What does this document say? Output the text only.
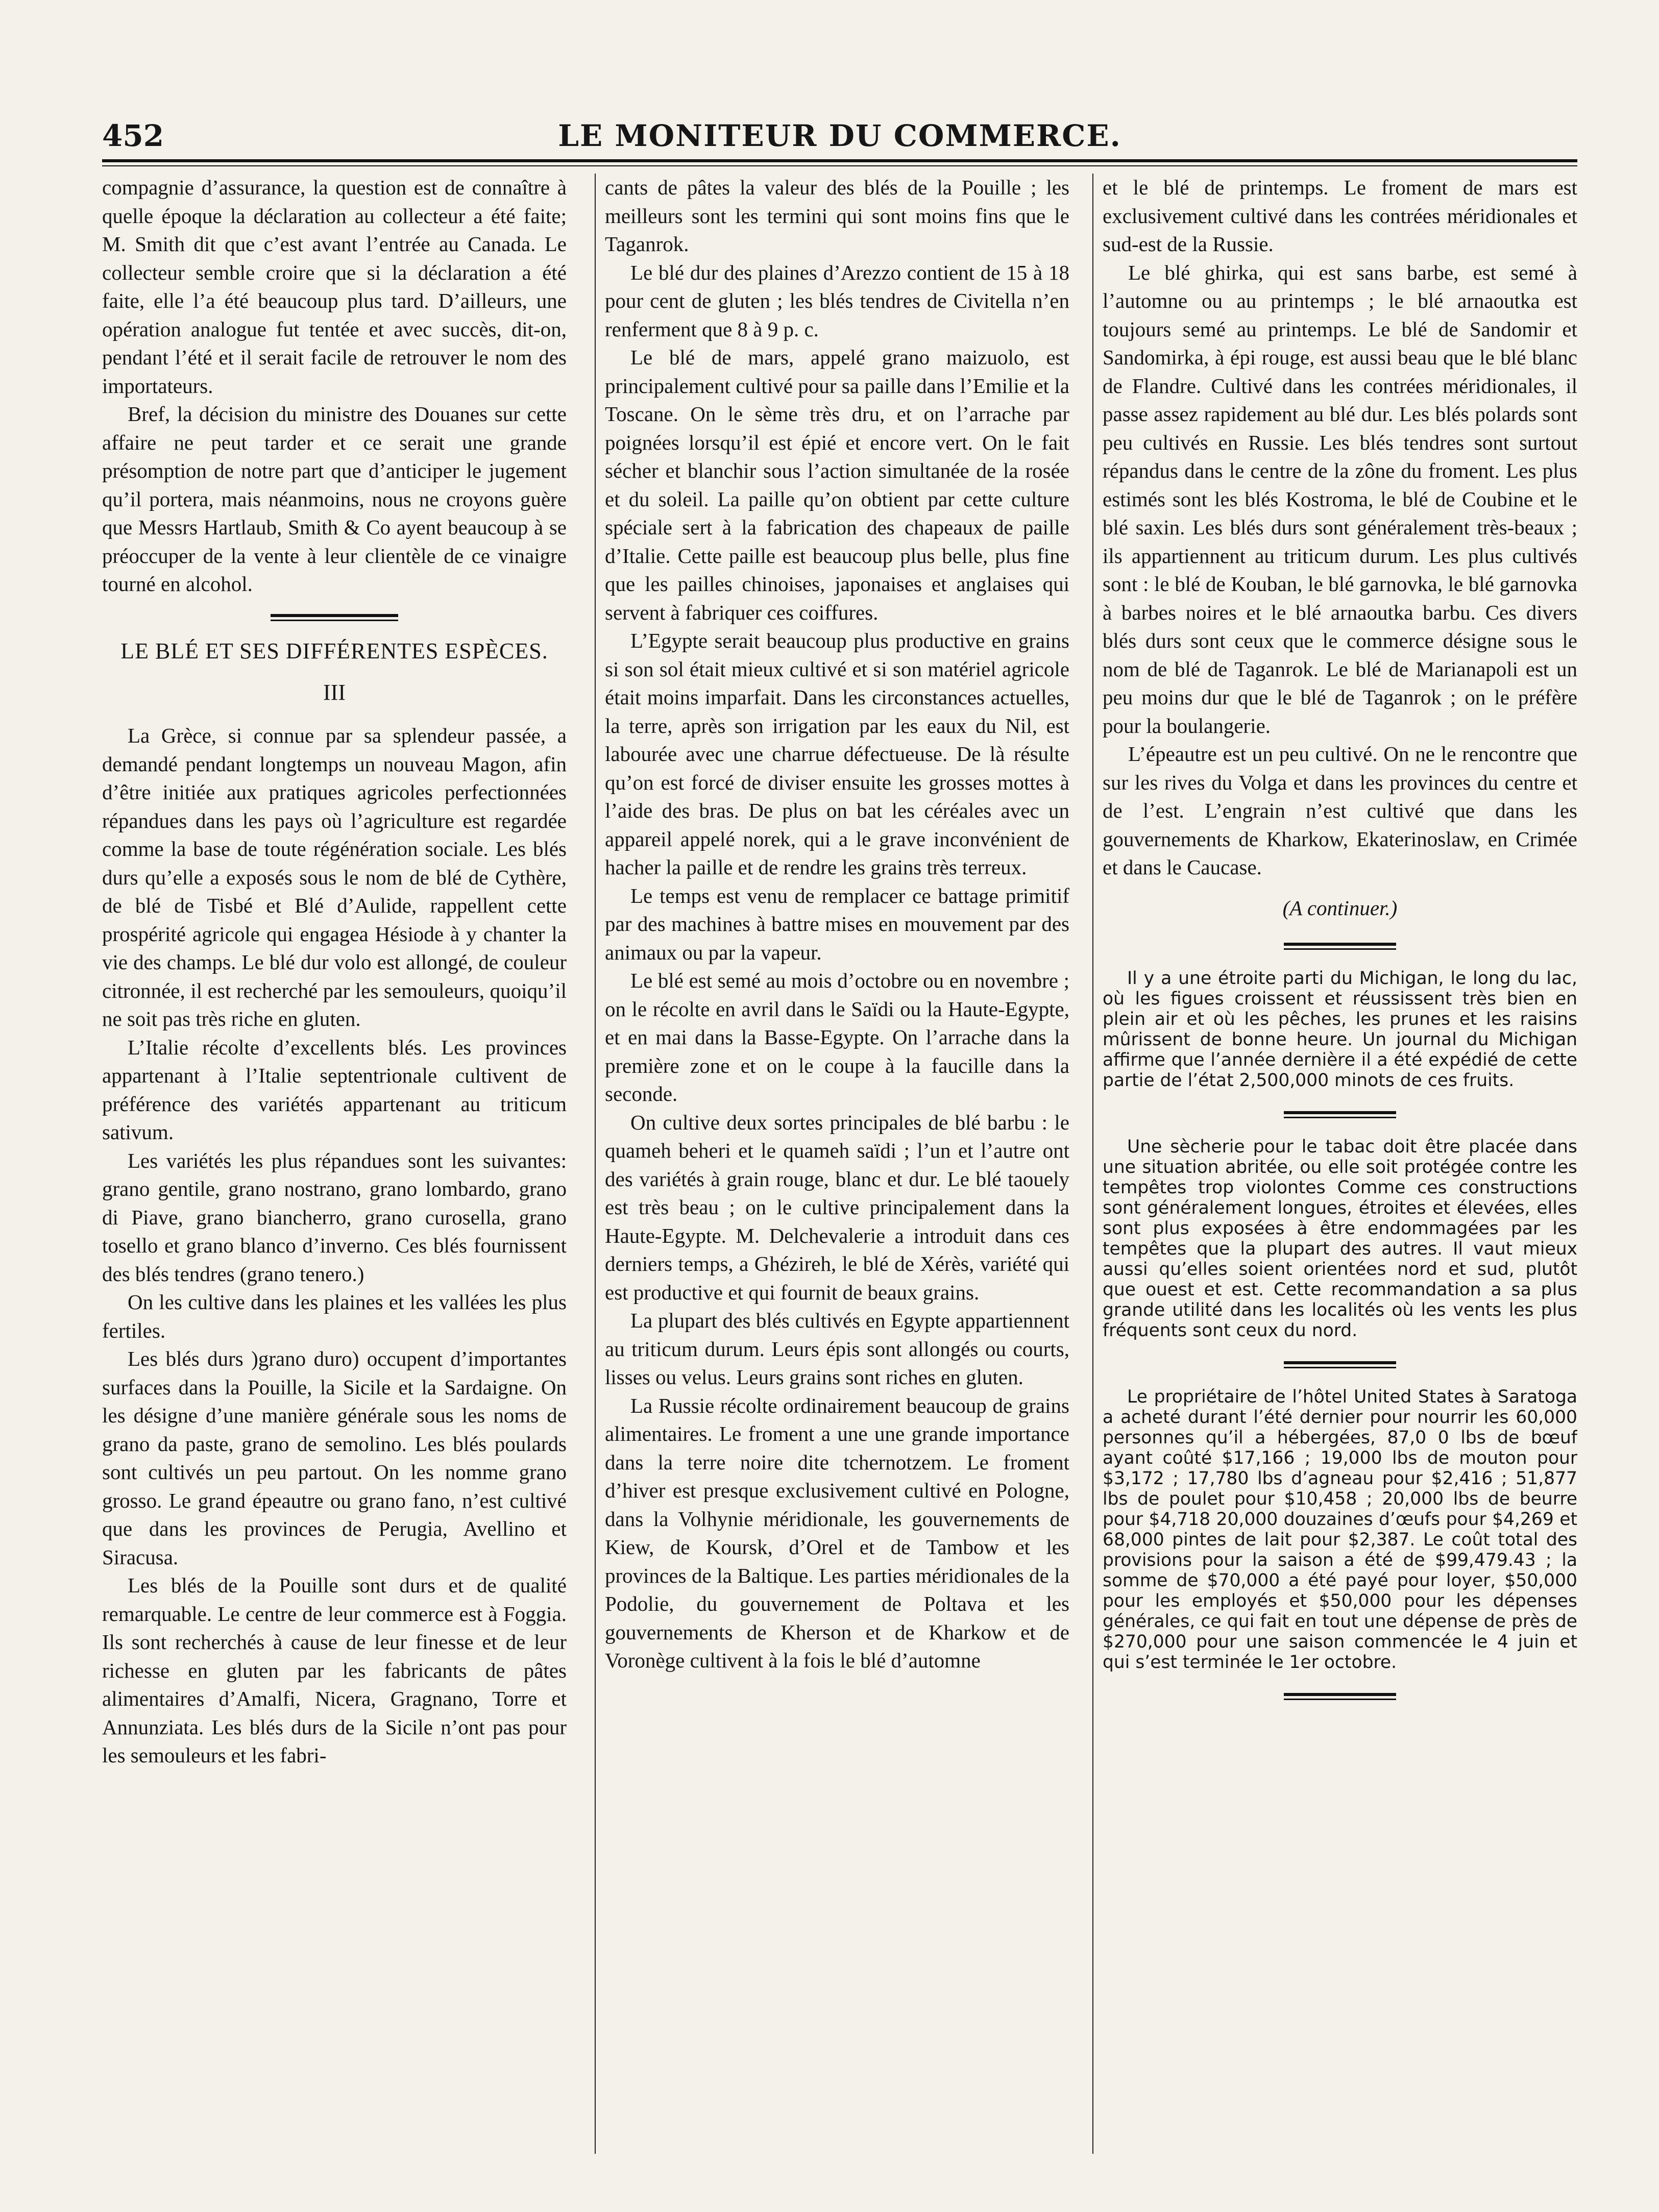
452	LE MONITEUR DU COMMERCE.

compagnie d’assurance, la question est de connaître à quelle époque la déclaration au collecteur a été faite; M. Smith dit que c’est avant l’entrée au Canada. Le collecteur semble croire que si la déclaration a été faite, elle l’a été beaucoup plus tard. D’ailleurs, une opération analogue fut tentée et avec succès, dit-on, pendant l’été et il serait facile de retrouver le nom des importateurs.

Bref, la décision du ministre des Douanes sur cette affaire ne peut tarder et ce serait une grande présomption de notre part que d’anticiper le jugement qu’il portera, mais néanmoins, nous ne croyons guère que Messrs Hartlaub, Smith & Co ayent beaucoup à se préoccuper de la vente à leur clientèle de ce vinaigre tourné en alcohol.

LE BLÉ ET SES DIFFÉRENTES ESPÈCES.

III

La Grèce, si connue par sa splendeur passée, a demandé pendant longtemps un nouveau Magon, afin d’être initiée aux pratiques agricoles perfectionnées répandues dans les pays où l’agriculture est regardée comme la base de toute régénération sociale. Les blés durs qu’elle a exposés sous le nom de blé de Cythère, de blé de Tisbé et Blé d’Aulide, rappellent cette prospérité agricole qui engagea Hésiode à y chanter la vie des champs. Le blé dur volo est allongé, de couleur citronnée, il est recherché par les semouleurs, quoiqu’il ne soit pas très riche en gluten.

L’Italie récolte d’excellents blés. Les provinces appartenant à l’Italie septentrionale cultivent de préférence des variétés appartenant au triticum sativum.

Les variétés les plus répandues sont les suivantes: grano gentile, grano nostrano, grano lombardo, grano di Piave, grano biancherro, grano curosella, grano tosello et grano blanco d’inverno. Ces blés fournissent des blés tendres (grano tenero.)

On les cultive dans les plaines et les vallées les plus fertiles.

Les blés durs )grano duro) occupent d’importantes surfaces dans la Pouille, la Sicile et la Sardaigne. On les désigne d’une manière générale sous les noms de grano da paste, grano de semolino. Les blés poulards sont cultivés un peu partout. On les nomme grano grosso. Le grand épeautre ou grano fano, n’est cultivé que dans les provinces de Perugia, Avellino et Siracusa.

Les blés de la Pouille sont durs et de qualité remarquable. Le centre de leur commerce est à Foggia. Ils sont recherchés à cause de leur finesse et de leur richesse en gluten par les fabricants de pâtes alimentaires d’Amalfi, Nicera, Gragnano, Torre et Annunziata. Les blés durs de la Sicile n’ont pas pour les semouleurs et les fabri-

cants de pâtes la valeur des blés de la Pouille ; les meilleurs sont les termini qui sont moins fins que le Taganrok.

Le blé dur des plaines d’Arezzo contient de 15 à 18 pour cent de gluten ; les blés tendres de Civitella n’en renferment que 8 à 9 p. c.

Le blé de mars, appelé grano maizuolo, est principalement cultivé pour sa paille dans l’Emilie et la Toscane. On le sème très dru, et on l’arrache par poignées lorsqu’il est épié et encore vert. On le fait sécher et blanchir sous l’action simultanée de la rosée et du soleil. La paille qu’on obtient par cette culture spéciale sert à la fabrication des chapeaux de paille d’Italie. Cette paille est beaucoup plus belle, plus fine que les pailles chinoises, japonaises et anglaises qui servent à fabriquer ces coiffures.

L’Egypte serait beaucoup plus productive en grains si son sol était mieux cultivé et si son matériel agricole était moins imparfait. Dans les circonstances actuelles, la terre, après son irrigation par les eaux du Nil, est labourée avec une charrue défectueuse. De là résulte qu’on est forcé de diviser ensuite les grosses mottes à l’aide des bras. De plus on bat les céréales avec un appareil appelé norek, qui a le grave inconvénient de hacher la paille et de rendre les grains très terreux.

Le temps est venu de remplacer ce battage primitif par des machines à battre mises en mouvement par des animaux ou par la vapeur.

Le blé est semé au mois d’octobre ou en novembre ; on le récolte en avril dans le Saïdi ou la Haute-Egypte, et en mai dans la Basse-Egypte. On l’arrache dans la première zone et on le coupe à la faucille dans la seconde.

On cultive deux sortes principales de blé barbu : le quameh beheri et le quameh saïdi ; l’un et l’autre ont des variétés à grain rouge, blanc et dur. Le blé taouely est très beau ; on le cultive principalement dans la Haute-Egypte. M. Delchevalerie a introduit dans ces derniers temps, a Ghézireh, le blé de Xérès, variété qui est productive et qui fournit de beaux grains.

La plupart des blés cultivés en Egypte appartiennent au triticum durum. Leurs épis sont allongés ou courts, lisses ou velus. Leurs grains sont riches en gluten.

La Russie récolte ordinairement beaucoup de grains alimentaires. Le froment a une une grande importance dans la terre noire dite tchernotzem. Le froment d’hiver est presque exclusivement cultivé en Pologne, dans la Volhynie méridionale, les gouvernements de Kiew, de Koursk, d’Orel et de Tambow et les provinces de la Baltique. Les parties méridionales de la Podolie, du gouvernement de Poltava et les gouvernements de Kherson et de Kharkow et de Voronège cultivent à la fois le blé d’automne

et le blé de printemps. Le froment de mars est exclusivement cultivé dans les contrées méridionales et sud-est de la Russie.

Le blé ghirka, qui est sans barbe, est semé à l’automne ou au printemps ; le blé arnaoutka est toujours semé au printemps. Le blé de Sandomir et Sandomirka, à épi rouge, est aussi beau que le blé blanc de Flandre. Cultivé dans les contrées méridionales, il passe assez rapidement au blé dur. Les blés polards sont peu cultivés en Russie. Les blés tendres sont surtout répandus dans le centre de la zône du froment. Les plus estimés sont les blés Kostroma, le blé de Coubine et le blé saxin. Les blés durs sont généralement très-beaux ; ils appartiennent au triticum durum. Les plus cultivés sont : le blé de Kouban, le blé garnovka, le blé garnovka à barbes noires et le blé arnaoutka barbu. Ces divers blés durs sont ceux que le commerce désigne sous le nom de blé de Taganrok. Le blé de Marianapoli est un peu moins dur que le blé de Taganrok ; on le préfère pour la boulangerie.

L’épeautre est un peu cultivé. On ne le rencontre que sur les rives du Volga et dans les provinces du centre et de l’est. L’engrain n’est cultivé que dans les gouvernements de Kharkow, Ekaterinoslaw, en Crimée et dans le Caucase.

(A continuer.)

Il y a une étroite parti du Michigan, le long du lac, où les figues croissent et réussissent très bien en plein air et où les pêches, les prunes et les raisins mûrissent de bonne heure. Un journal du Michigan affirme que l’année dernière il a été expédié de cette partie de l’état 2,500,000 minots de ces fruits.

Une sècherie pour le tabac doit être placée dans une situation abritée, ou elle soit protégée contre les tempêtes trop violontes Comme ces constructions sont généralement longues, étroites et élevées, elles sont plus exposées à être endommagées par les tempêtes que la plupart des autres. Il vaut mieux aussi qu’elles soient orientées nord et sud, plutôt que ouest et est. Cette recommandation a sa plus grande utilité dans les localités où les vents les plus fréquents sont ceux du nord.

Le propriétaire de l’hôtel United States à Saratoga a acheté durant l’été dernier pour nourrir les 60,000 personnes qu’il a hébergées, 87,0 0 lbs de bœuf ayant coûté $17,166 ; 19,000 lbs de mouton pour $3,172 ; 17,780 lbs d’agneau pour $2,416 ; 51,877 lbs de poulet pour $10,458 ; 20,000 lbs de beurre pour $4,718 20,000 douzaines d’œufs pour $4,269 et 68,000 pintes de lait pour $2,387. Le coût total des provisions pour la saison a été de $99,479.43 ; la somme de $70,000 a été payé pour loyer, $50,000 pour les employés et $50,000 pour les dépenses générales, ce qui fait en tout une dépense de près de $270,000 pour une saison commencée le 4 juin et qui s’est terminée le 1er octobre.
